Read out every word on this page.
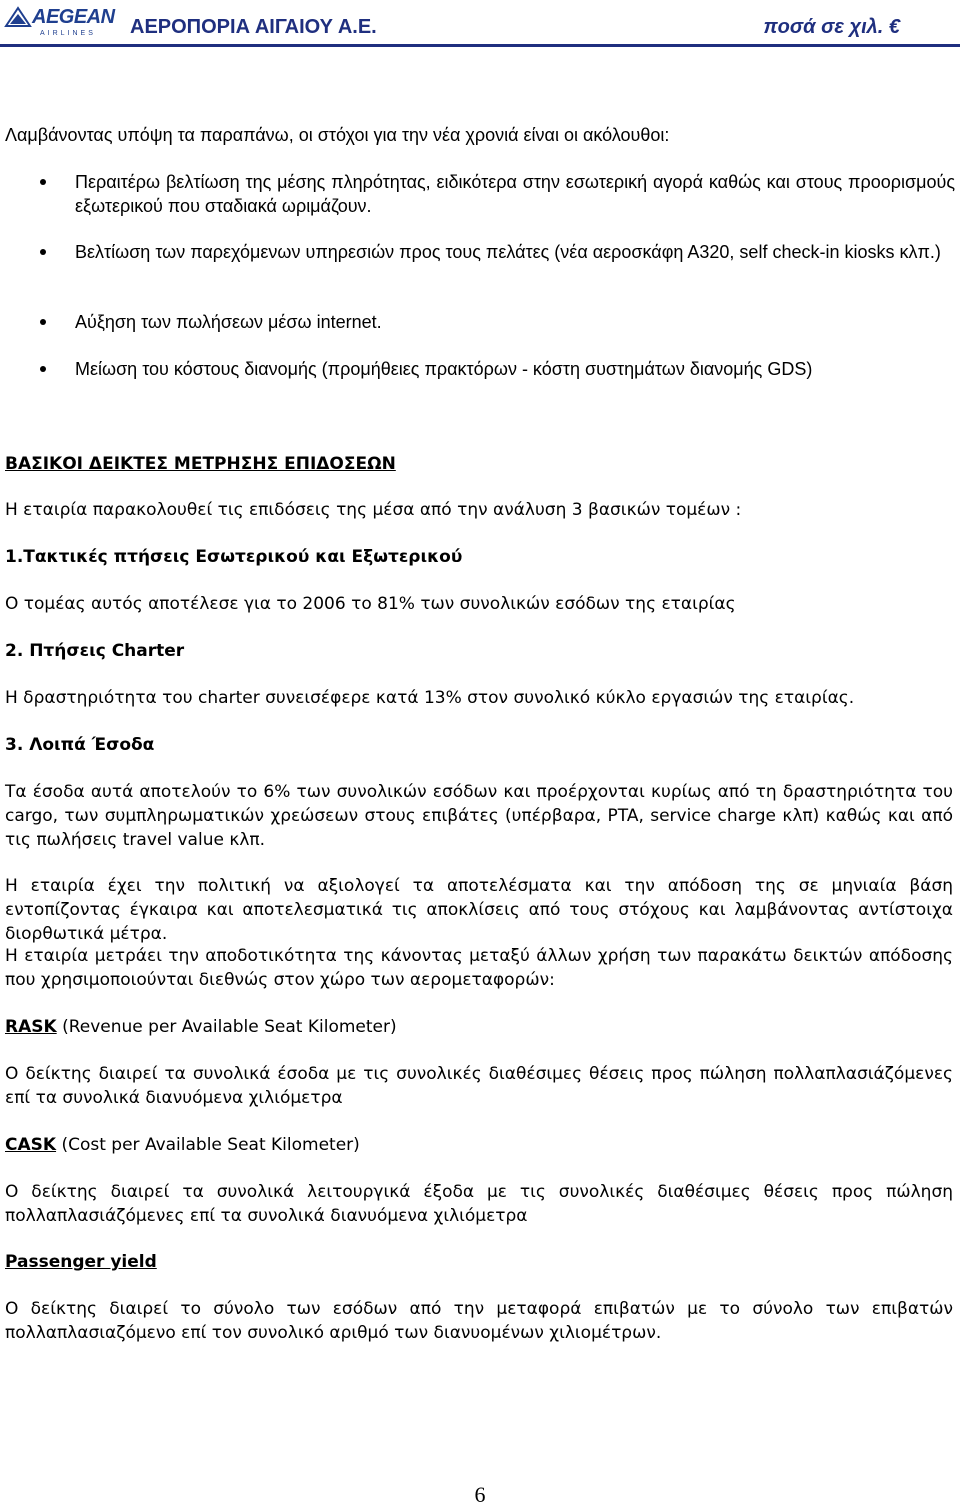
AEGEAN
AIRLINES ΑΕΡΟΠΟΡΙΑ ΑΙΓΑΙΟΥ Α.Ε.	ποσά σε χιλ. €
Λαμβάνοντας υπόψη τα παραπάνω, οι στόχοι για την νέα χρονιά είναι οι ακόλουθοι:
Περαιτέρω βελτίωση της μέσης πληρότητας, ειδικότερα στην εσωτερική αγορά καθώς και στους προορισμούς εξωτερικού που σταδιακά ωριμάζουν.
Βελτίωση των παρεχόμενων υπηρεσιών προς τους πελάτες (νέα αεροσκάφη Α320, self check-in kiosks κλπ.)
Αύξηση των πωλήσεων μέσω internet.
Μείωση του κόστους διανομής (προμήθειες πρακτόρων - κόστη συστημάτων διανομής GDS)
ΒΑΣΙΚΟΙ ΔΕΙΚΤΕΣ ΜΕΤΡΗΣΗΣ ΕΠΙΔΟΣΕΩΝ
Η εταιρία παρακολουθεί τις επιδόσεις της μέσα από την ανάλυση 3 βασικών τομέων :
1.Τακτικές πτήσεις Εσωτερικού και Εξωτερικού
Ο τομέας αυτός αποτέλεσε για το 2006 το 81% των συνολικών εσόδων της εταιρίας
2. Πτήσεις Charter
Η δραστηριότητα του charter συνεισέφερε κατά 13% στον συνολικό κύκλο εργασιών της εταιρίας.
3. Λοιπά Έσοδα
Τα έσοδα αυτά αποτελούν το 6% των συνολικών εσόδων και προέρχονται κυρίως από τη δραστηριότητα του cargo, των συμπληρωματικών χρεώσεων στους επιβάτες (υπέρβαρα, PTA, service charge κλπ) καθώς και από τις πωλήσεις travel value κλπ.
Η εταιρία έχει την πολιτική να αξιολογεί τα αποτελέσματα και την απόδοση της σε μηνιαία βάση εντοπίζοντας έγκαιρα και αποτελεσματικά τις αποκλίσεις από τους στόχους και λαμβάνοντας αντίστοιχα διορθωτικά μέτρα.
Η εταιρία μετράει την αποδοτικότητα της κάνοντας μεταξύ άλλων χρήση των παρακάτω δεικτών απόδοσης που χρησιμοποιούνται διεθνώς στον χώρο των αερομεταφορών:
RASK (Revenue per Available Seat Kilometer)
Ο δείκτης διαιρεί τα συνολικά έσοδα με τις συνολικές διαθέσιμες θέσεις προς πώληση πολλαπλασιάζόμενες επί τα συνολικά διανυόμενα χιλιόμετρα
CASK (Cost per Available Seat Kilometer)
Ο δείκτης διαιρεί τα συνολικά λειτουργικά έξοδα με τις συνολικές διαθέσιμες θέσεις προς πώληση πολλαπλασιάζόμενες επί τα συνολικά διανυόμενα χιλιόμετρα
Passenger yield
Ο δείκτης διαιρεί το σύνολο των εσόδων από την μεταφορά επιβατών με το σύνολο των επιβατών πολλαπλασιαζόμενο επί τον συνολικό αριθμό των διανυομένων χιλιομέτρων.
6
